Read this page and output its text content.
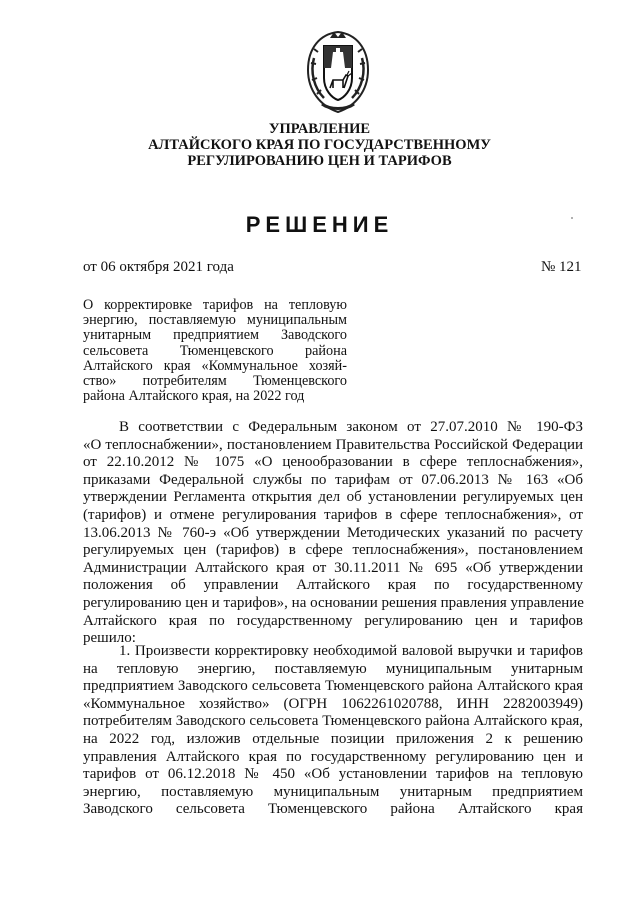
УПРАВЛЕНИЕ
АЛТАЙСКОГО КРАЯ ПО ГОСУДАРСТВЕННОМУ
РЕГУЛИРОВАНИЮ ЦЕН И ТАРИФОВ
РЕШЕНИЕ
от 06 октября 2021 года	№ 121
О корректировке тарифов на тепловую
энергию, поставляемую муниципальным
унитарным предприятием Заводского
сельсовета Тюменцевского района
Алтайского края «Коммунальное хозяй-
ство» потребителям Тюменцевского
района Алтайского края, на 2022 год
В соответствии с Федеральным законом от 27.07.2010 № 190-ФЗ
«О теплоснабжении», постановлением Правительства Российской Федерации
от 22.10.2012 № 1075 «О ценообразовании в сфере теплоснабжения»,
приказами Федеральной службы по тарифам от 07.06.2013 № 163 «Об
утверждении Регламента открытия дел об установлении регулируемых цен
(тарифов) и отмене регулирования тарифов в сфере теплоснабжения», от
13.06.2013 № 760-э «Об утверждении Методических указаний по расчету
регулируемых цен (тарифов) в сфере теплоснабжения», постановлением
Администрации Алтайского края от 30.11.2011 № 695 «Об утверждении
положения об управлении Алтайского края по государственному
регулированию цен и тарифов», на основании решения правления управление
Алтайского края по государственному регулированию цен и тарифов
решило:
1. Произвести корректировку необходимой валовой выручки и тарифов
на тепловую энергию, поставляемую муниципальным унитарным
предприятием Заводского сельсовета Тюменцевского района Алтайского края
«Коммунальное хозяйство» (ОГРН 1062261020788, ИНН 2282003949)
потребителям Заводского сельсовета Тюменцевского района Алтайского края,
на 2022 год, изложив отдельные позиции приложения 2 к решению
управления Алтайского края по государственному регулированию цен и
тарифов от 06.12.2018 № 450 «Об установлении тарифов на тепловую
энергию, поставляемую муниципальным унитарным предприятием
Заводского сельсовета Тюменцевского района Алтайского края
